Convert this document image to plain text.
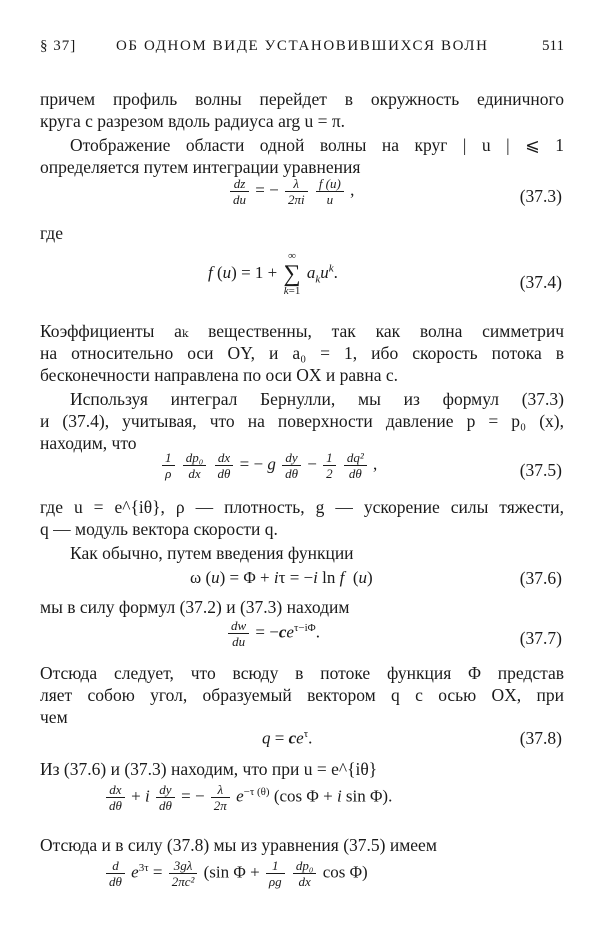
§ 37]	ОБ ОДНОМ ВИДЕ УСТАНОВИВШИХСЯ ВОЛН	511
причем профиль волны перейдет в окружность единичного
круга с разрезом вдоль радиуса arg u = π.
Отображение области одной волны на круг | u | ⩽ 1
определяется путем интеграции уравнения
$\frac{dz}{du}$ = − $\frac{\lambda}{2\pi i}$
$\frac{f (u)}{u}$ ,	(37.3)
где
f (u) = 1 +
∞
∑
k=1
$a_ku^k$.	(37.4)
Коэффициенты aₖ вещественны, так как волна симметрич
на относительно оси OY, и a₀ = 1, ибо скорость потока в
бесконечности направлена по оси OX и равна c.
Используя интеграл Бернулли, мы из формул (37.3)
и (37.4), учитывая, что на поверхности давление p = p₀ (x),
находим, что
$\frac{1}{\rho}$
$\frac{\text{dp₀}}{dx}$
$\frac{dx}{d\theta}$ = − g $\frac{dy}{d\theta} - \frac{1}{2}$
$\frac{\text{dq²}}{d\theta}$ ,	(37.5)
где u = e^{iθ}, ρ — плотность, g — ускорение силы тяжести,
q — модуль вектора скорости q.
Как обычно, путем введения функции
ω (u) = Φ + iτ = −i ln f  (u)	(37.6)
мы в силу формул (37.2) и (37.3) находим
$\frac{dw}{du} = -ce^{\tau-i\Phi}$.	(37.7)
Отсюда следует, что всюду в потоке функция Φ представ
ляет собою угол, образуемый вектором q с осью OX, при
чем
$q = ce^\tau$.	(37.8)
Из (37.6) и (37.3) находим, что при u = e^{iθ}
$\frac{dx}{d\theta} + i \frac{dy}{d\theta}$ = − $\frac{\lambda}{2\pi} e^{-\tau (\theta)}$ (cos Φ + i sin Φ).
Отсюда и в силу (37.8) мы из уравнения (37.5) имеем
$\frac{d}{d\theta} e^{3\tau} = \frac{3g\lambda}{\text{2πc²}} (\sin$ $\Phi + \frac{1}{\rho g}$
$\frac{\text{dp₀}}{dx}$ cos Φ)
